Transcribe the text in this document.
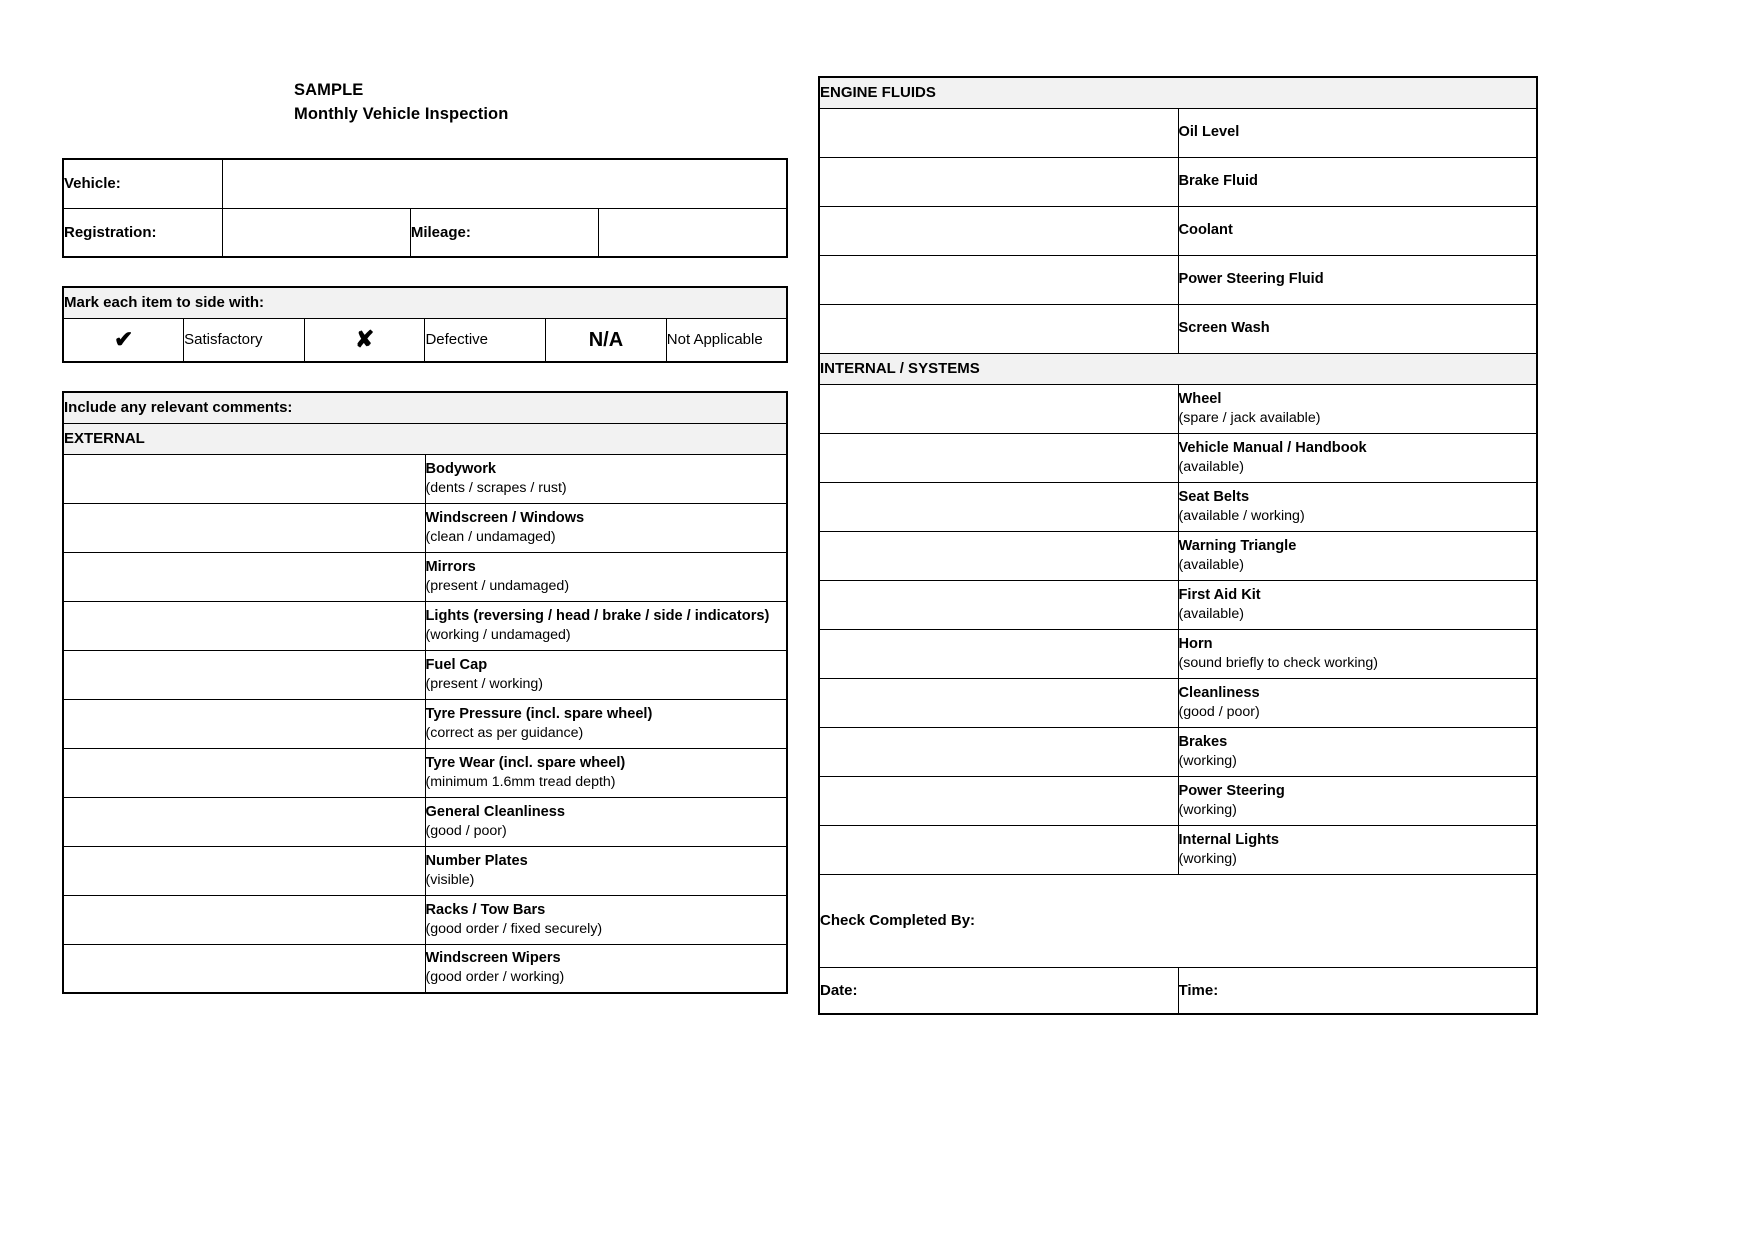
SAMPLE
Monthly Vehicle Inspection
Vehicle:			
Registration:		Mileage:	
Mark each item to side with:
✔	Satisfactory	✘	Defective	N/A	Not Applicable
Include any relevant comments:	
EXTERNAL	

	Bodywork
(dents / scrapes / rust)

	Windscreen / Windows
(clean / undamaged)

	Mirrors
(present / undamaged)

	Lights (reversing / head / brake / side / indicators)
(working / undamaged)

	Fuel Cap
(present / working)

	Tyre Pressure (incl. spare wheel)
(correct as per guidance)

	Tyre Wear (incl. spare wheel)
(minimum 1.6mm tread depth)

	General Cleanliness
(good / poor)

	Number Plates
(visible)

	Racks / Tow Bars
(good order / fixed securely)

	Windscreen Wipers
(good order / working)
ENGINE FLUIDS	

	Oil Level

	Brake Fluid

	Coolant

	Power Steering Fluid

	Screen Wash

INTERNAL / SYSTEMS	

	Wheel
(spare / jack available)

	Vehicle Manual / Handbook
(available)

	Seat Belts
(available / working)

	Warning Triangle
(available)

	First Aid Kit
(available)

	Horn
(sound briefly to check working)

	Cleanliness
(good / poor)

	Brakes
(working)

	Power Steering
(working)

	Internal Lights
(working)

Check Completed By:	
Date:	Time:
